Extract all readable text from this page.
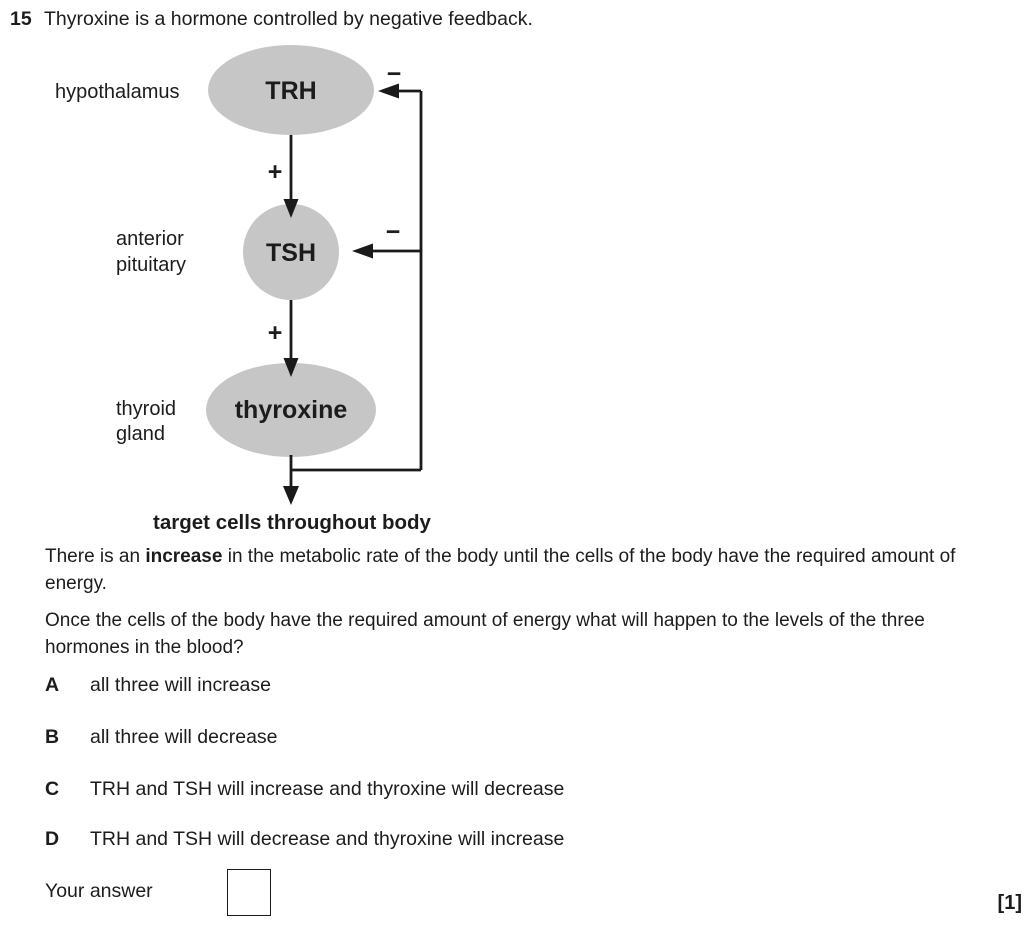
15 Thyroxine is a hormone controlled by negative feedback.
+
+
−
−
TRH
TSH
thyroxine
hypothalamus
anterior
pituitary
thyroid
gland
target cells throughout body
There is an increase in the metabolic rate of the body until the cells of the body have the required amount of energy.
Once the cells of the body have the required amount of energy what will happen to the levels of the three hormones in the blood?
A	all three will increase
B	all three will decrease
C	TRH and TSH will increase and thyroxine will decrease
D	TRH and TSH will decrease and thyroxine will increase
Your answer
[1]
